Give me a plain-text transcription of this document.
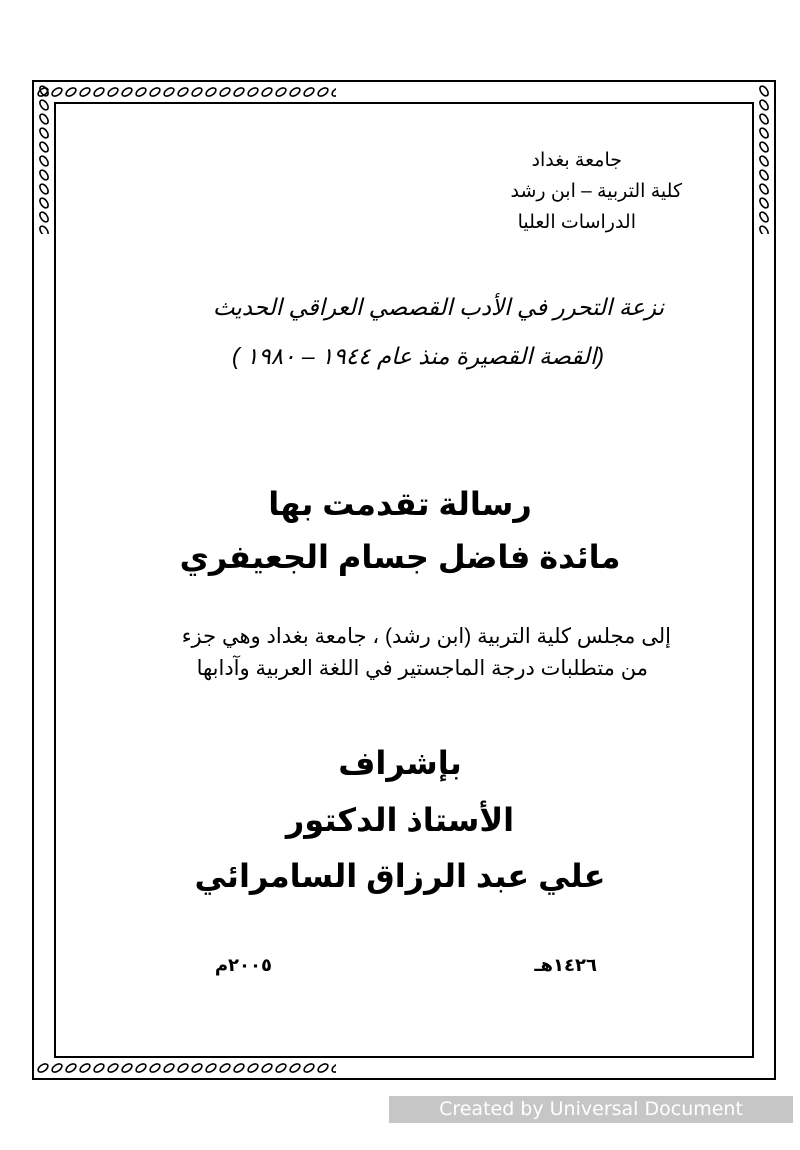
جامعة بغداد
كلية التربية – ابن رشد
الدراسات العليا
نزعة التحرر في الأدب القصصي العراقي الحديث
(القصة القصيرة منذ عام ١٩٤٤ – ١٩٨٠ )
رسالة تقدمت بها
مائدة فاضل جسام الجعيفري
إلى مجلس كلية التربية (ابن رشد) ، جامعة بغداد وهي جزء
من متطلبات درجة الماجستير في اللغة العربية وآدابها
بإشراف
الأستاذ الدكتور
علي عبد الرزاق السامرائي
١٤٢٦هـ
٢٠٠٥م
Created by Universal Document Converter
